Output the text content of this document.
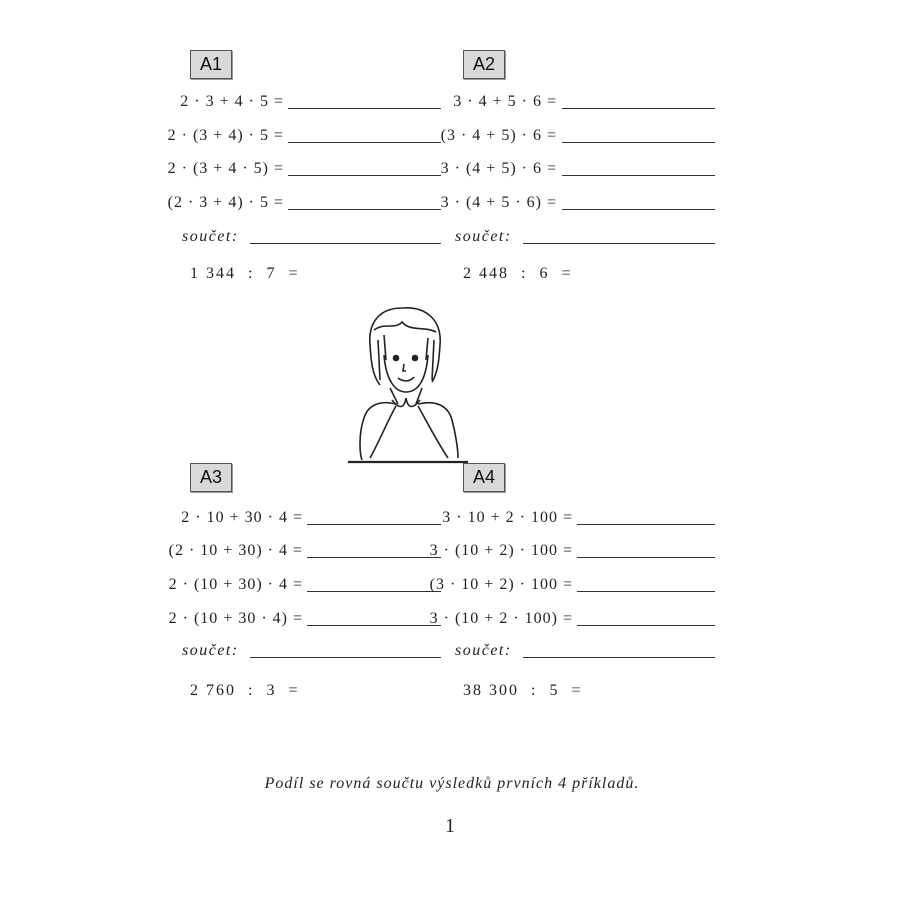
Podíl se rovná součtu výsledků prvních 4 příkladů.
1
A1
2 · 3 + 4 · 5 =
2 · (3 + 4) · 5 =
2 · (3 + 4 · 5) =
(2 · 3 + 4) · 5 =
součet:
1 344  :  7  =
A2
3 · 4 + 5 · 6 =
(3 · 4 + 5) · 6 =
3 · (4 + 5) · 6 =
3 · (4 + 5 · 6) =
součet:
2 448  :  6  =
A3
2 · 10 + 30 · 4 =
(2 · 10 + 30) · 4 =
2 · (10 + 30) · 4 =
2 · (10 + 30 · 4) =
součet:
2 760  :  3  =
A4
3 · 10 + 2 · 100 =
3 · (10 + 2) · 100 =
(3 · 10 + 2) · 100 =
3 · (10 + 2 · 100) =
součet:
38 300  :  5  =
